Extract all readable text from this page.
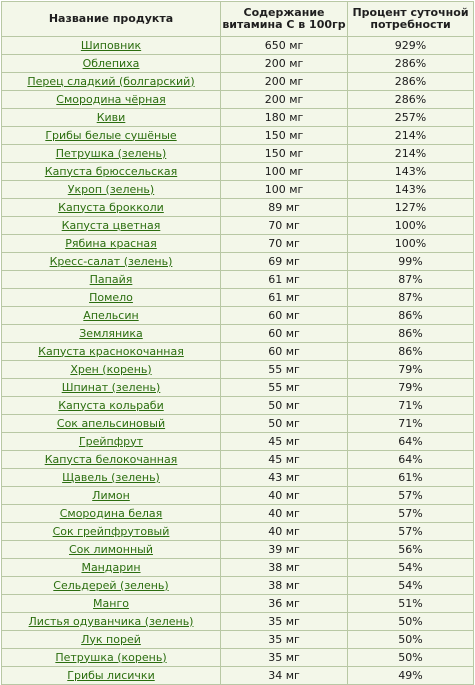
Название продукта	Содержание витамина С в 100гр	Процент суточной потребности
Шиповник	650 мг	929%
Облепиха	200 мг	286%
Перец сладкий (болгарский)	200 мг	286%
Смородина чёрная	200 мг	286%
Киви	180 мг	257%
Грибы белые сушёные	150 мг	214%
Петрушка (зелень)	150 мг	214%
Капуста брюссельская	100 мг	143%
Укроп (зелень)	100 мг	143%
Капуста брокколи	89 мг	127%
Капуста цветная	70 мг	100%
Рябина красная	70 мг	100%
Кресс-салат (зелень)	69 мг	99%
Папайя	61 мг	87%
Помело	61 мг	87%
Апельсин	60 мг	86%
Земляника	60 мг	86%
Капуста краснокочанная	60 мг	86%
Хрен (корень)	55 мг	79%
Шпинат (зелень)	55 мг	79%
Капуста кольраби	50 мг	71%
Сок апельсиновый	50 мг	71%
Грейпфрут	45 мг	64%
Капуста белокочанная	45 мг	64%
Щавель (зелень)	43 мг	61%
Лимон	40 мг	57%
Смородина белая	40 мг	57%
Сок грейпфрутовый	40 мг	57%
Сок лимонный	39 мг	56%
Мандарин	38 мг	54%
Сельдерей (зелень)	38 мг	54%
Манго	36 мг	51%
Листья одуванчика (зелень)	35 мг	50%
Лук порей	35 мг	50%
Петрушка (корень)	35 мг	50%
Грибы лисички	34 мг	49%
